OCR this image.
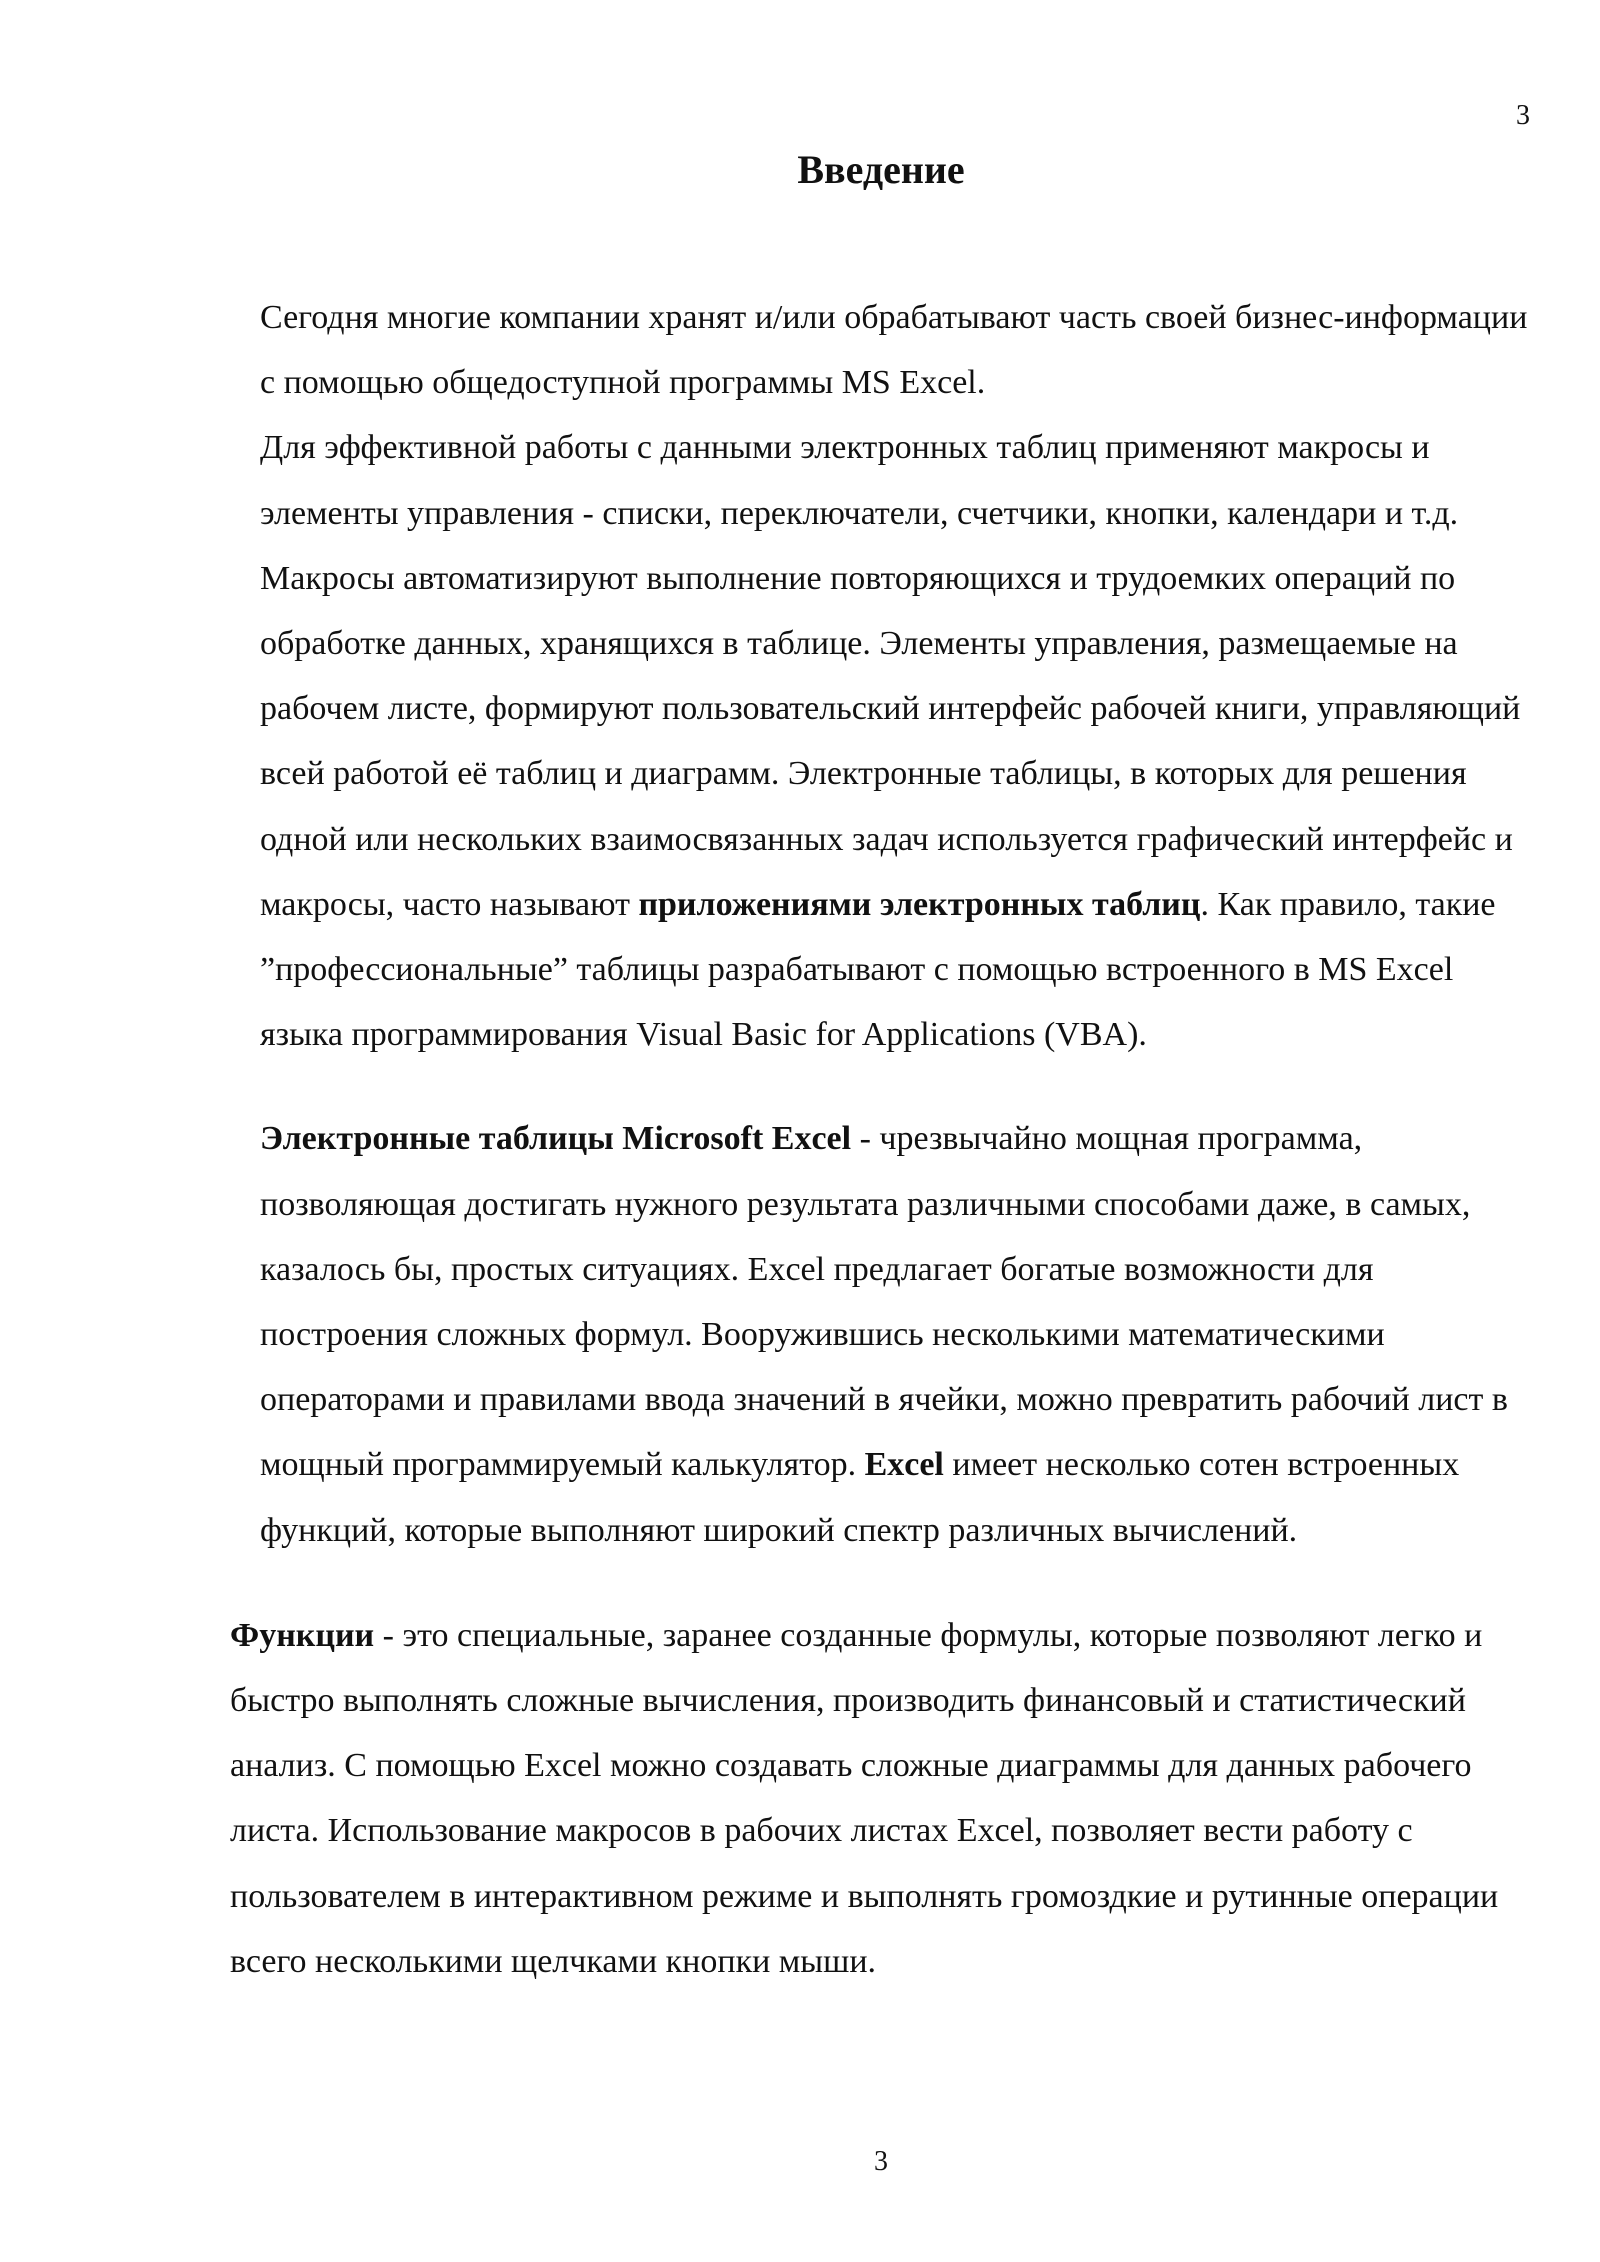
3
Введение

Сегодня многие компании хранят и/или обрабатывают часть своей бизнес-информации с помощью общедоступной программы MS Excel.

Для эффективной работы с данными электронных таблиц применяют макросы и элементы управления - списки, переключатели, счетчики, кнопки, календари и т.д. Макросы автоматизируют выполнение повторяющихся и трудоемких операций по обработке данных, хранящихся в таблице. Элементы управления, размещаемые на рабочем листе, формируют пользовательский интерфейс рабочей книги, управляющий всей работой её таблиц и диаграмм. Электронные таблицы, в которых для решения одной или нескольких взаимосвязанных задач используется графический интерфейс и макросы, часто называют приложениями электронных таблиц. Как правило, такие ”профессиональные” таблицы разрабатывают с помощью встроенного в MS Excel языка программирования Visual Basic for Applications (VBA).

Электронные таблицы Microsoft Excel - чрезвычайно мощная программа, позволяющая достигать нужного результата различными способами даже, в самых, казалось бы, простых ситуациях. Excel предлагает богатые возможности для построения сложных формул. Вооружившись несколькими математическими операторами и правилами ввода значений в ячейки, можно превратить рабочий лист в мощный программируемый калькулятор. Excel имеет несколько сотен встроенных функций, которые выполняют широкий спектр различных вычислений.

Функции - это специальные, заранее созданные формулы, которые позволяют легко и быстро выполнять сложные вычисления, производить финансовый и статистический анализ. С помощью Excel можно создавать сложные диаграммы для данных рабочего листа. Использование макросов в рабочих листах Excel, позволяет вести работу с пользователем в интерактивном режиме и выполнять громоздкие и рутинные операции всего несколькими щелчками кнопки мыши.

3
